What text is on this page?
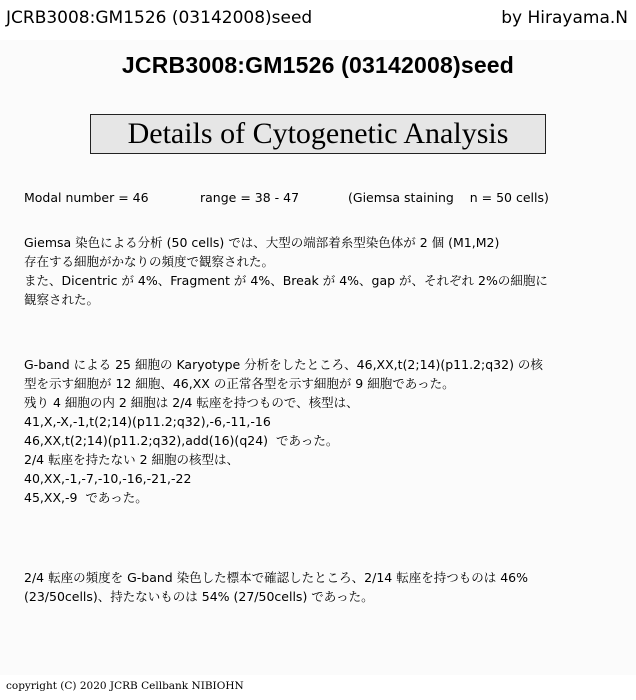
JCRB3008:GM1526 (03142008)seed	by Hirayama.N
JCRB3008:GM1526 (03142008)seed
Details of Cytogenetic Analysis
Modal number = 46	range = 38 - 47	(Giemsa staining    n = 50 cells)
Giemsa 染色による分析 (50 cells) では、大型の端部着糸型染色体が 2 個 (M1,M2)
存在する細胞がかなりの頻度で観察された。
また、Dicentric が 4%、Fragment が 4%、Break が 4%、gap が、それぞれ 2%の細胞に
観察された。
G-band による 25 細胞の Karyotype 分析をしたところ、46,XX,t(2;14)(p11.2;q32) の核
型を示す細胞が 12 細胞、46,XX の正常各型を示す細胞が 9 細胞であった。
残り 4 細胞の内 2 細胞は 2/4 転座を持つもので、核型は、
41,X,-X,-1,t(2;14)(p11.2;q32),-6,-11,-16
46,XX,t(2;14)(p11.2;q32),add(16)(q24)  であった。
2/4 転座を持たない 2 細胞の核型は、
40,XX,-1,-7,-10,-16,-21,-22
45,XX,-9  であった。
2/4 転座の頻度を G-band 染色した標本で確認したところ、2/14 転座を持つものは 46%
(23/50cells)、持たないものは 54% (27/50cells) であった。
copyright (C) 2020 JCRB Cellbank NIBIOHN
